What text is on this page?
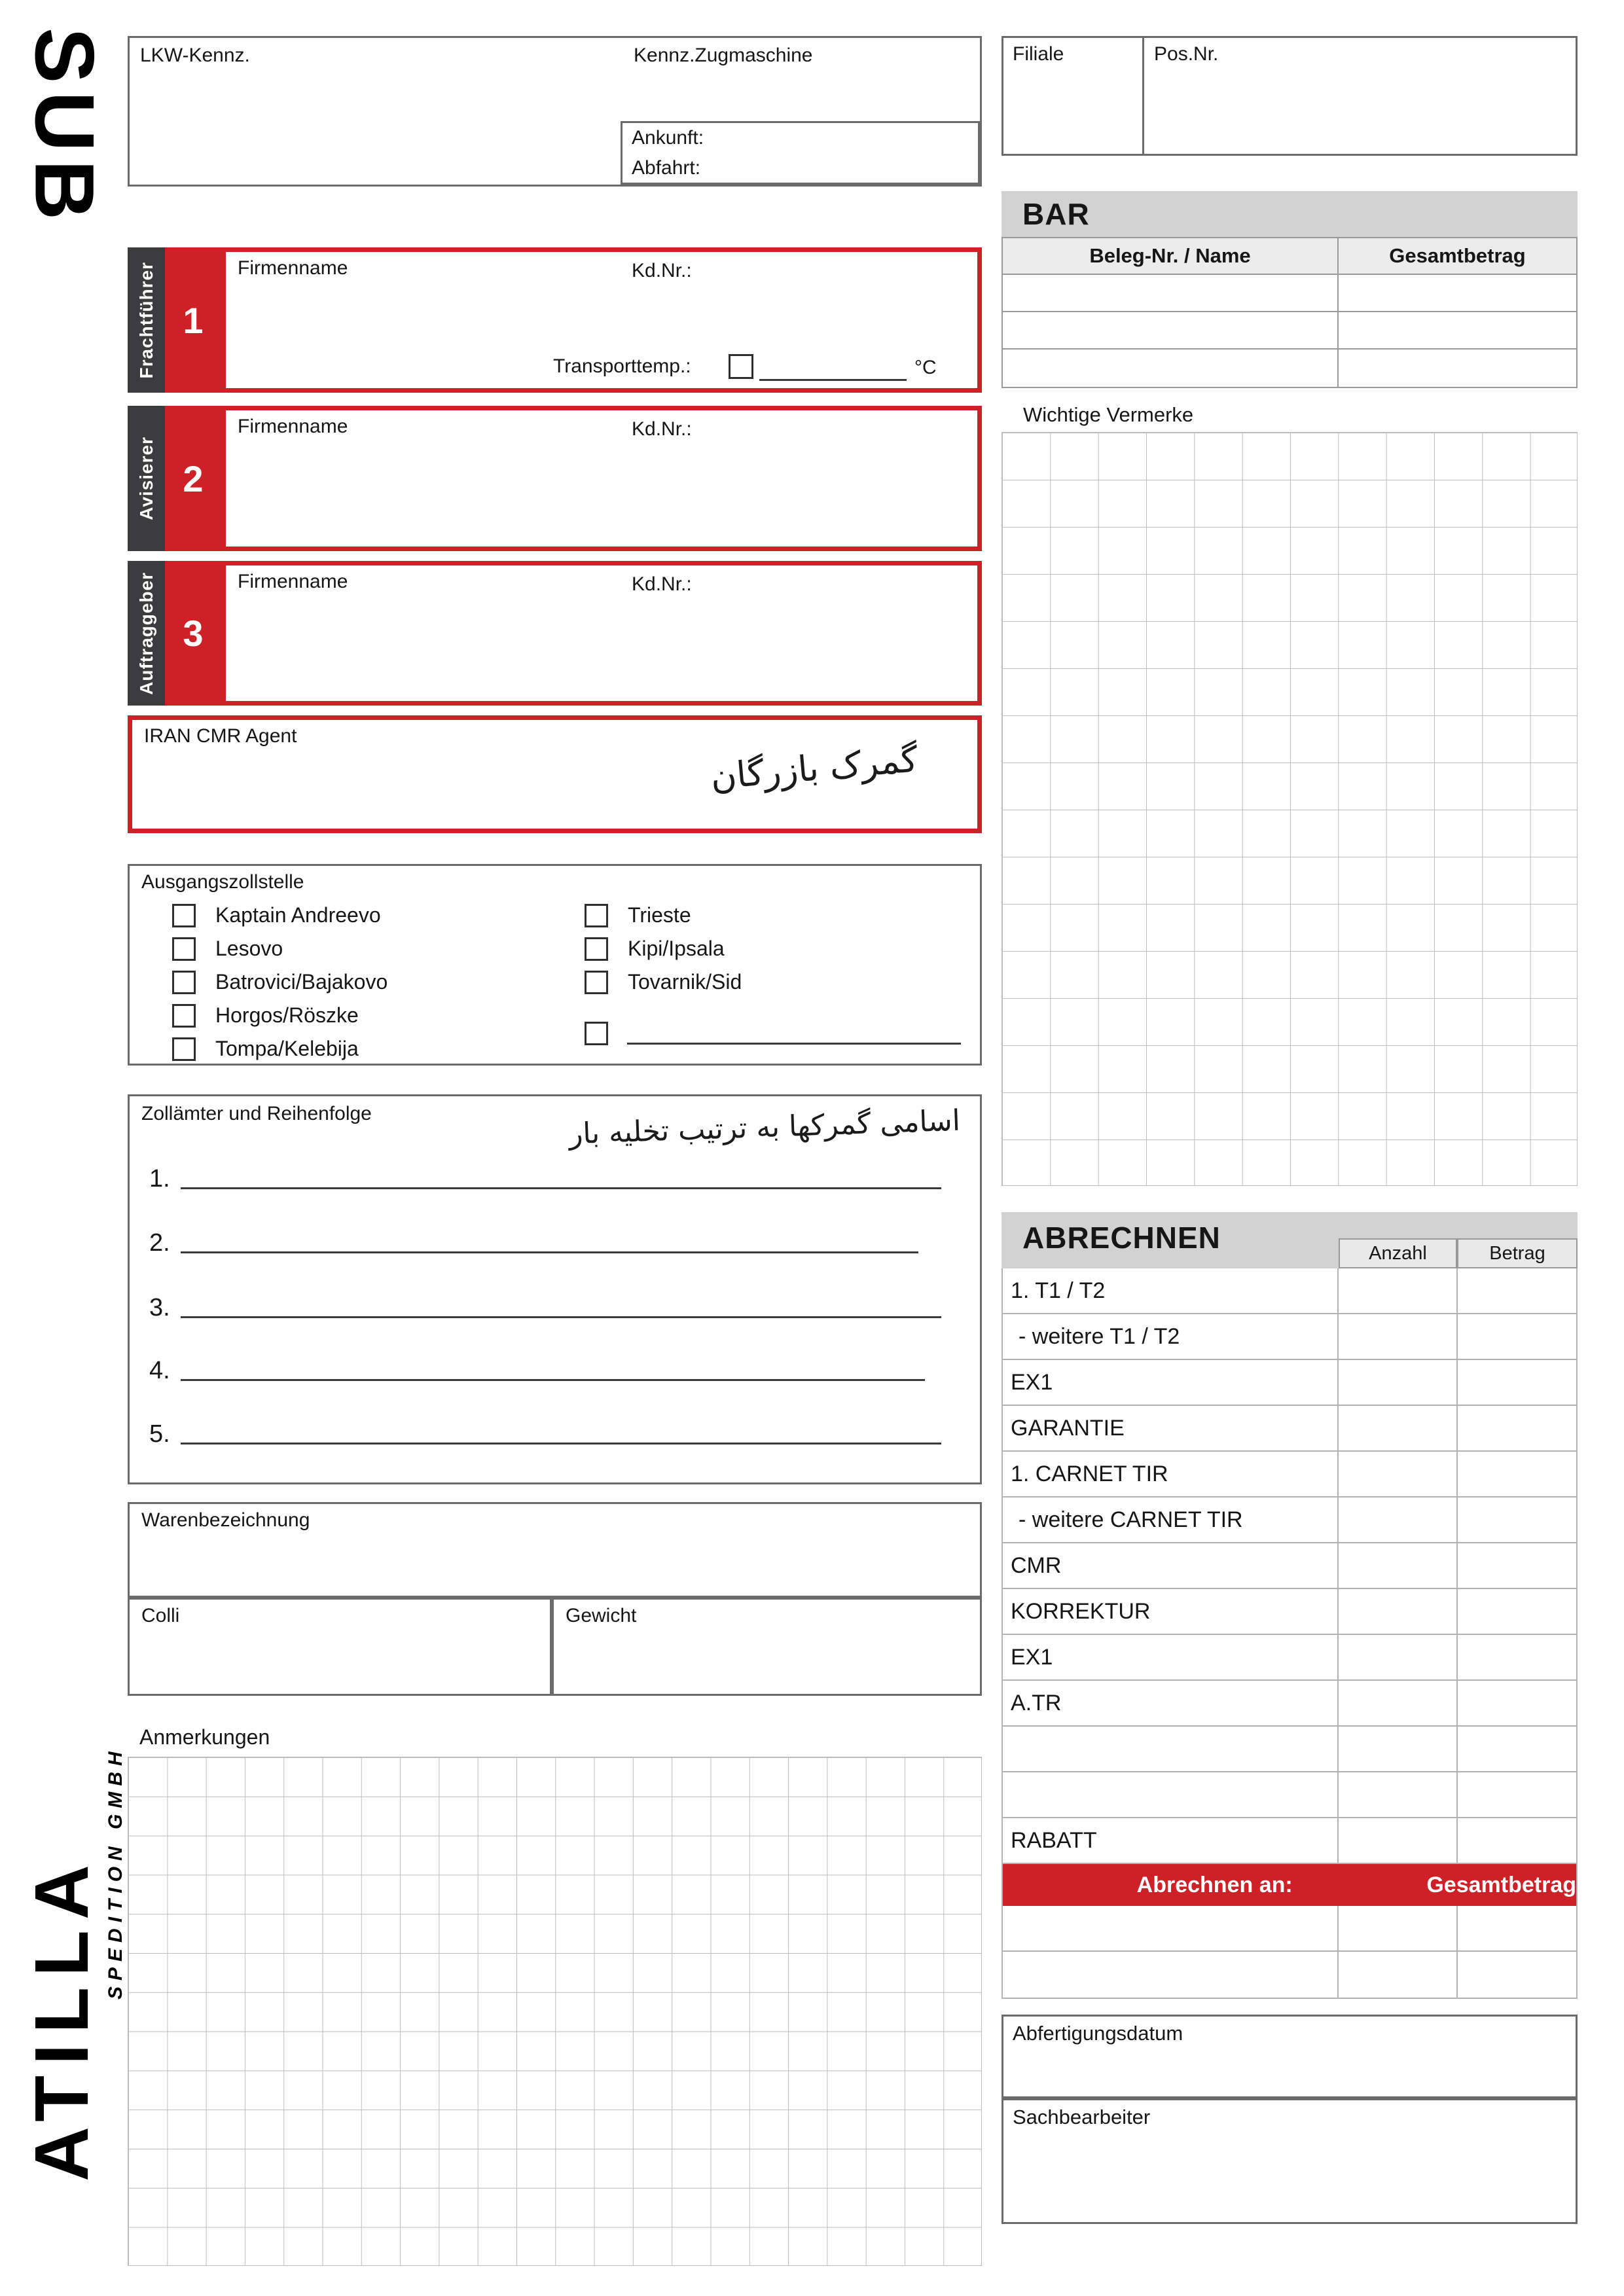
SUB LKW-Kennz.	Kennz.Zugmaschine
Ankunft:
Abfahrt:
Filiale	Pos.Nr.
BAR
Beleg-Nr. / Name	Gesamtbetrag
Wichtige Vermerke
Frachtführer 1
Firmenname	Kd.Nr.:
Transporttemp.:	°C
Avisierer 2
Firmenname	Kd.Nr.:
Auftraggeber 3
Firmenname	Kd.Nr.:
IRAN CMR Agent
گمرک بازرگان
Ausgangszollstelle
Kaptain Andreevo
Lesovo
Batrovici/Bajakovo
Horgos/Röszke
Tompa/Kelebija
Trieste
Kipi/Ipsala
Tovarnik/Sid
Zollämter und Reihenfolge	اسامی گمرکها به ترتیب تخلیه بار
1.
2.
3.
4.
5.
Warenbezeichnung
Colli	Gewicht
Anmerkungen
ATILLA SPEDITION GMBH
ABRECHNEN	Anzahl	Betrag
1. T1 / T2
- weitere T1 / T2
EX1
GARANTIE
1. CARNET TIR
- weitere CARNET TIR
CMR
KORREKTUR
EX1
A.TR
RABATT
Abrechnen an:	Gesamtbetrag
Abfertigungsdatum
Sachbearbeiter
